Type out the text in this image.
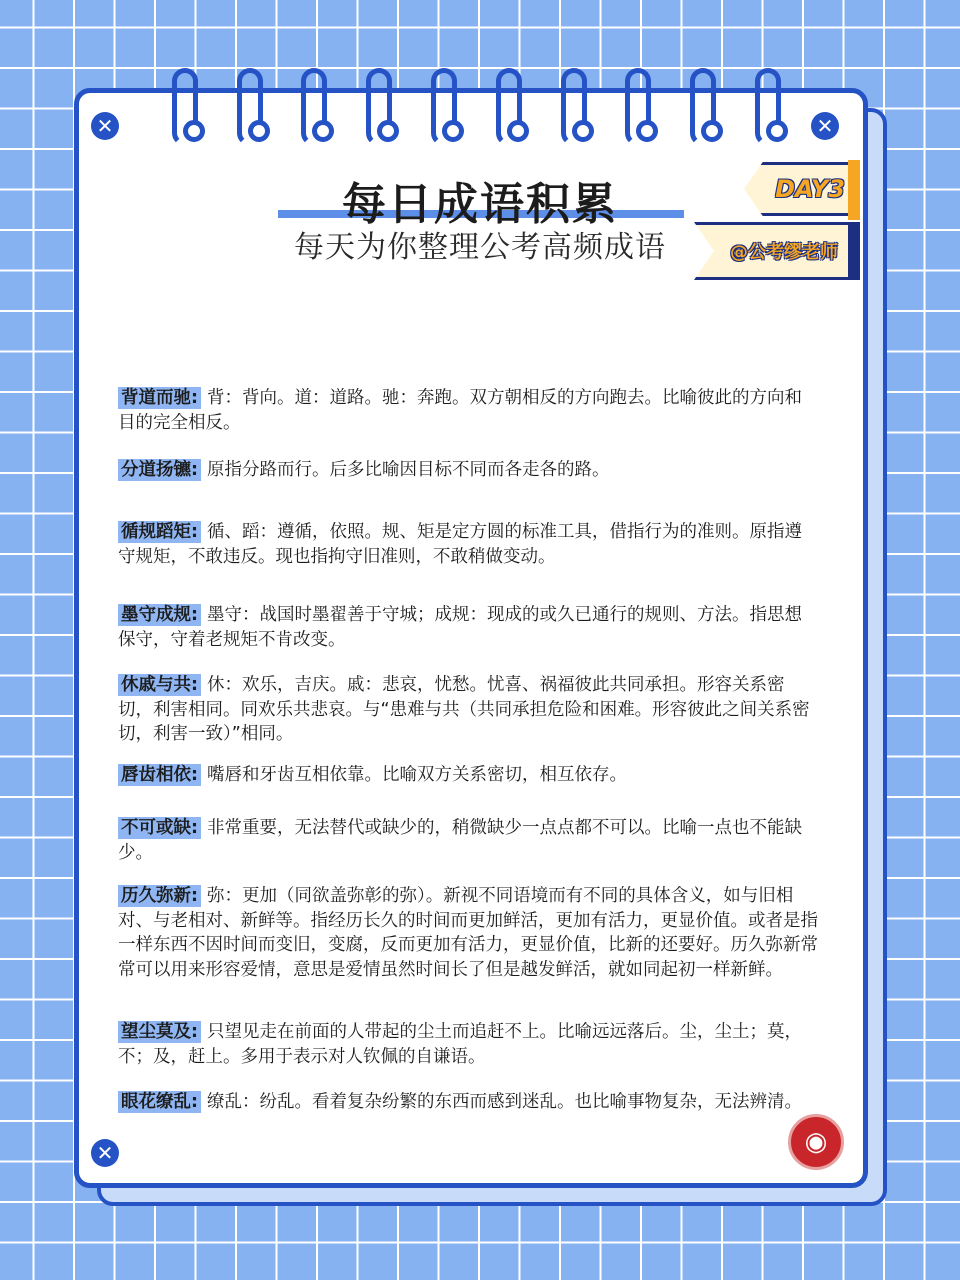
✕	✕
✕
每日成语积累
每天为你整理公考高频成语
DAY3
@公考缪老师
背道而驰: 背：背向。道：道路。驰：奔跑。双方朝相反的方向跑去。比喻彼此的方向和目的完全相反。
分道扬镳: 原指分路而行。后多比喻因目标不同而各走各的路。
循规蹈矩: 循、蹈：遵循，依照。规、矩是定方圆的标准工具，借指行为的准则。原指遵守规矩，不敢违反。现也指拘守旧准则，不敢稍做变动。
墨守成规: 墨守：战国时墨翟善于守城；成规：现成的或久已通行的规则、方法。指思想保守，守着老规矩不肯改变。
休戚与共: 休：欢乐，吉庆。戚：悲哀，忧愁。忧喜、祸福彼此共同承担。形容关系密切，利害相同。同欢乐共悲哀。与“患难与共（共同承担危险和困难。形容彼此之间关系密切，利害一致）”相同。
唇齿相依: 嘴唇和牙齿互相依靠。比喻双方关系密切，相互依存。
不可或缺: 非常重要，无法替代或缺少的，稍微缺少一点点都不可以。比喻一点也不能缺少。
历久弥新: 弥：更加（同欲盖弥彰的弥）。新视不同语境而有不同的具体含义，如与旧相对、与老相对、新鲜等。指经历长久的时间而更加鲜活，更加有活力，更显价值。或者是指一样东西不因时间而变旧，变腐，反而更加有活力，更显价值，比新的还要好。历久弥新常常可以用来形容爱情，意思是爱情虽然时间长了但是越发鲜活，就如同起初一样新鲜。
望尘莫及: 只望见走在前面的人带起的尘土而追赶不上。比喻远远落后。尘，尘土；莫，不；及，赶上。多用于表示对人钦佩的自谦语。
眼花缭乱: 缭乱：纷乱。看着复杂纷繁的东西而感到迷乱。也比喻事物复杂，无法辨清。
◉
